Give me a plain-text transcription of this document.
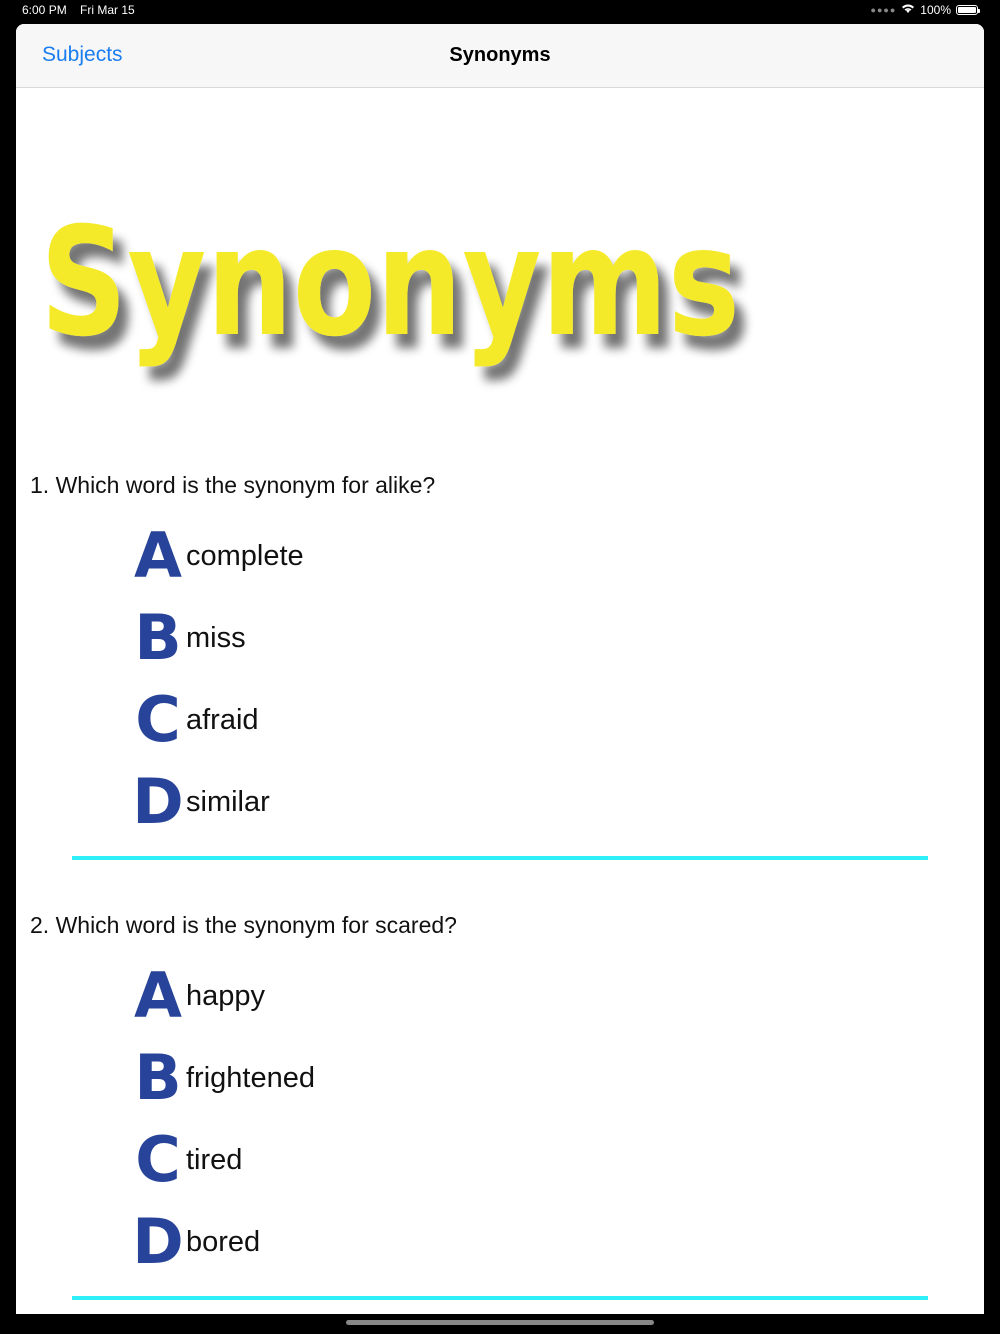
6:00 PM Fri Mar 15	●●●● 100%
Subjects	Synonyms
Synonyms
1. Which word is the synonym for alike?
A complete
B miss
C afraid
D similar
2. Which word is the synonym for scared?
A happy
B frightened
C tired
D bored
